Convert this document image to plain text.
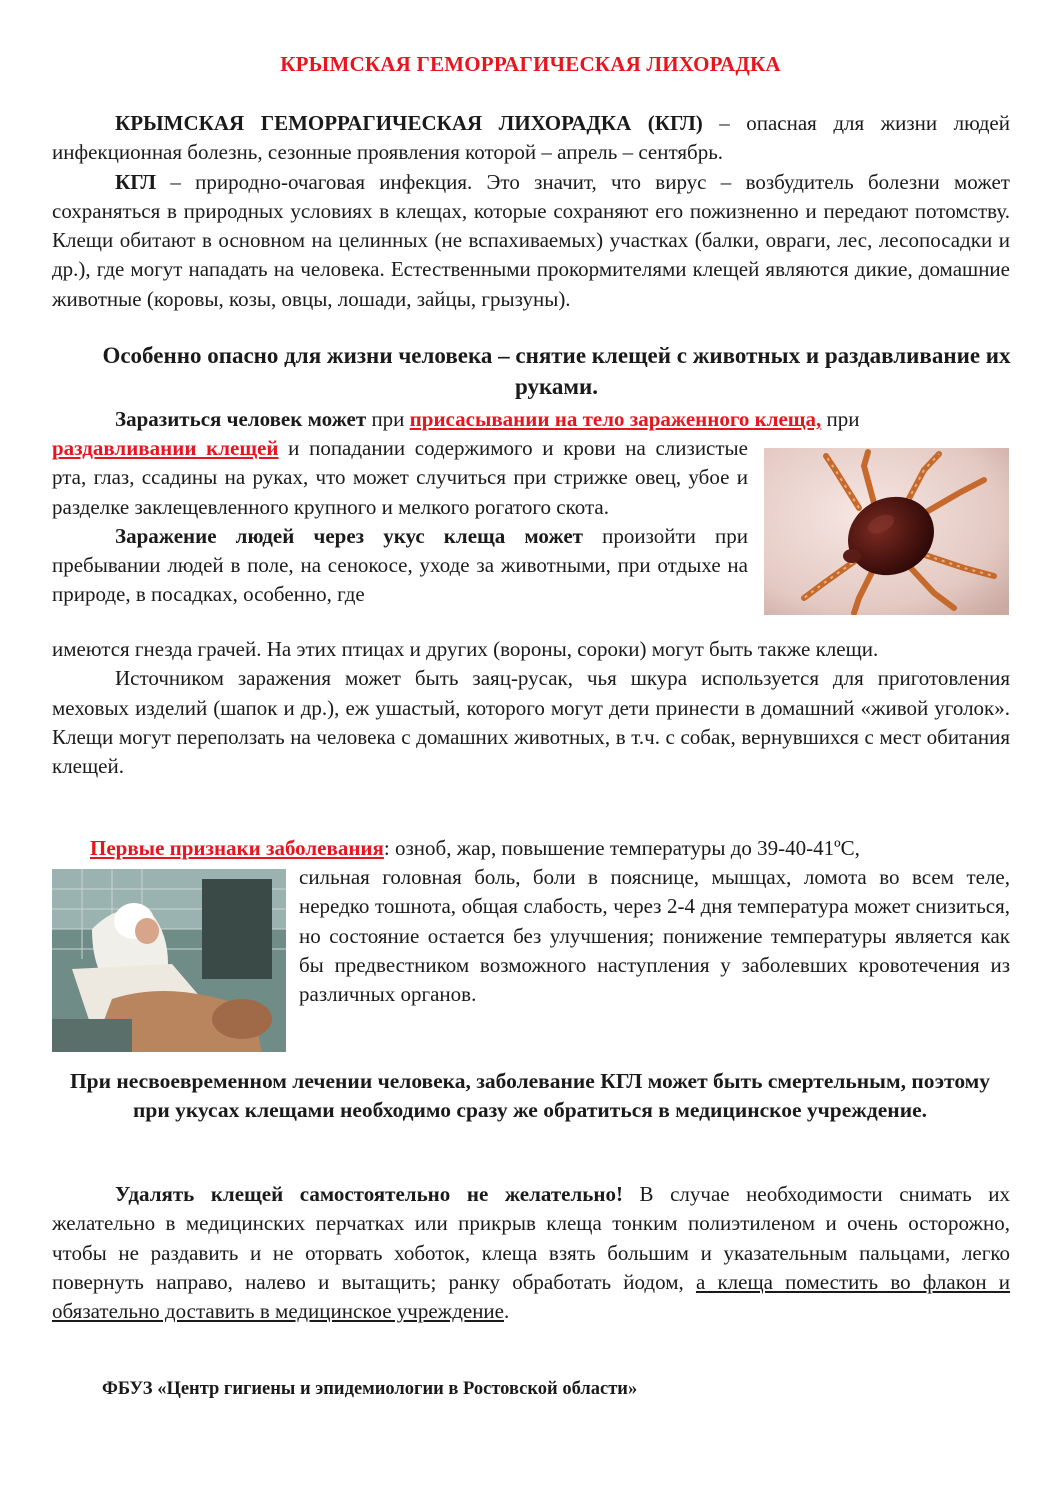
КРЫМСКАЯ ГЕМОРРАГИЧЕСКАЯ ЛИХОРАДКА

КРЫМСКАЯ ГЕМОРРАГИЧЕСКАЯ ЛИХОРАДКА (КГЛ) – опасная для жизни людей инфекционная болезнь, сезонные проявления которой – апрель – сентябрь.

КГЛ – природно-очаговая инфекция. Это значит, что вирус – возбудитель болезни может сохраняться в природных условиях в клещах, которые сохраняют его пожизненно и передают потомству. Клещи обитают в основном на целинных (не вспахиваемых) участках (балки, овраги, лес, лесопосадки и др.), где могут нападать на человека. Естественными прокормителями клещей являются дикие, домашние животные (коровы, козы, овцы, лошади, зайцы, грызуны).

Особенно опасно для жизни человека – снятие клещей с животных и раздавливание их руками.
Заразиться человек может при присасывании на тело зараженного клеща, при

раздавливании клещей и попадании содержимого и крови на слизистые рта, глаз, ссадины на руках, что может случиться при стрижке овец, убое и разделке заклещевленного крупного и мелкого рогатого скота.

Заражение людей через укус клеща может произойти при пребывании людей в поле, на сенокосе, уходе за животными, при отдыхе на природе, в посадках, особенно, где

имеются гнезда грачей. На этих птицах и других (вороны, сороки) могут быть также клещи.

Источником заражения может быть заяц-русак, чья шкура используется для приготовления меховых изделий (шапок и др.), еж ушастый, которого могут дети принести в домашний «живой уголок». Клещи могут переползать на человека с домашних животных, в т.ч. с собак, вернувшихся с мест обитания клещей.

Первые признаки заболевания: озноб, жар, повышение температуры до 39-40-41ºС,
сильная головная боль, боли в пояснице, мышцах, ломота во всем теле, нередко тошнота, общая слабость, через 2-4 дня температура может снизиться, но состояние остается без улучшения; понижение температуры является как бы предвестником возможного наступления у заболевших кровотечения из различных органов.
При несвоевременном лечении человека, заболевание КГЛ может быть смертельным, поэтому при укусах клещами необходимо сразу же обратиться в медицинское учреждение.
Удалять клещей самостоятельно не желательно! В случае необходимости снимать их желательно в медицинских перчатках или прикрыв клеща тонким полиэтиленом и очень осторожно, чтобы не раздавить и не оторвать хоботок, клеща взять большим и указательным пальцами, легко повернуть направо, налево и вытащить; ранку обработать йодом, а клеща поместить во флакон и обязательно доставить в медицинское учреждение.
ФБУЗ «Центр гигиены и эпидемиологии в Ростовской области»
